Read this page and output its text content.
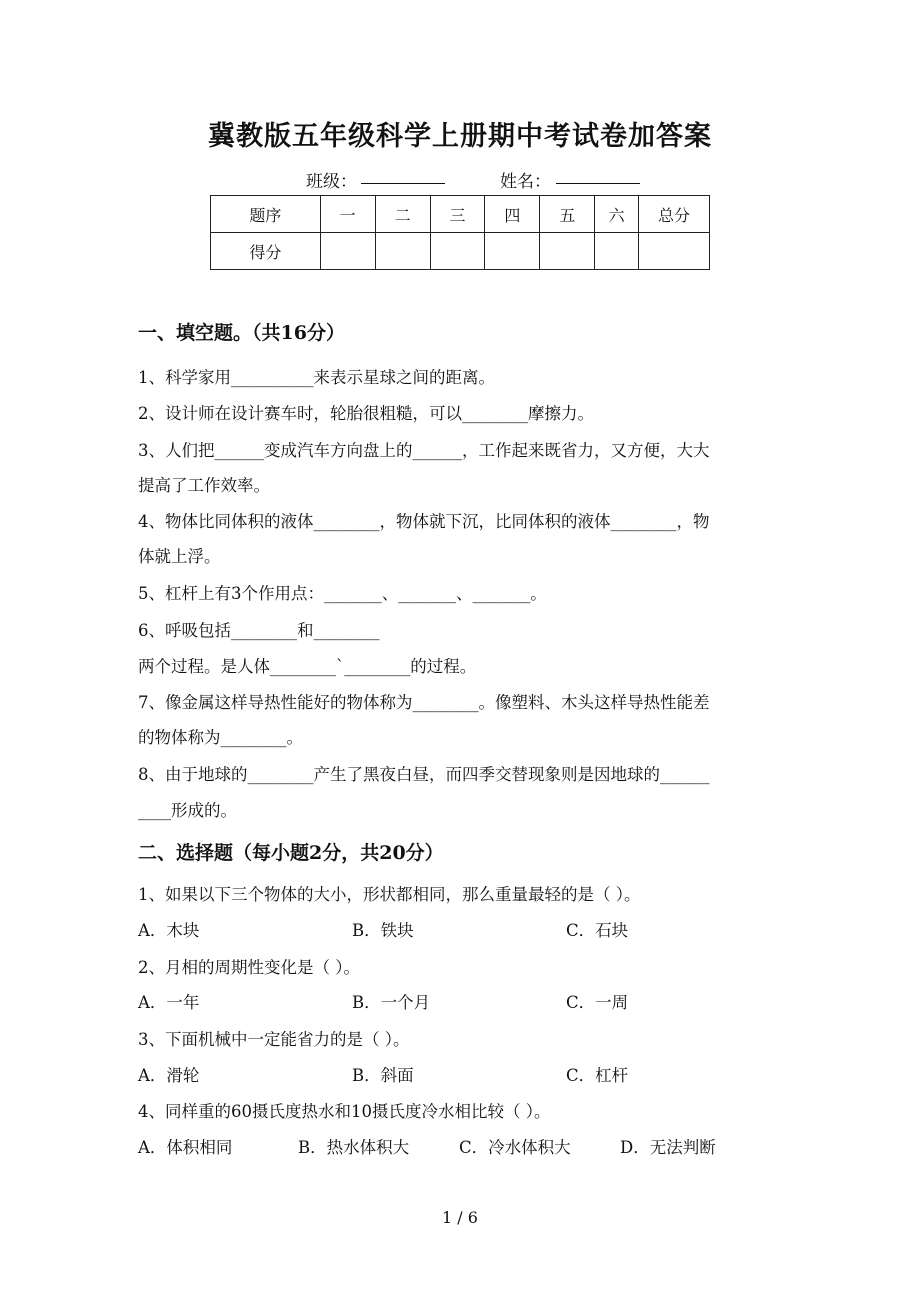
冀教版五年级科学上册期中考试卷加答案
班级：	姓名：
题序	一	二	三	四	五	六	总分
得分							
一、填空题。（共16分）
1、科学家用__________来表示星球之间的距离。
2、设计师在设计赛车时，轮胎很粗糙，可以________摩擦力。
3、人们把______变成汽车方向盘上的______，工作起来既省力，又方便，大大
提高了工作效率。
4、物体比同体积的液体________，物体就下沉，比同体积的液体________，物
体就上浮。
5、杠杆上有3个作用点：_______、_______、_______。
6、呼吸包括________和________
两个过程。是人体________`________的过程。
7、像金属这样导热性能好的物体称为________。像塑料、木头这样导热性能差
的物体称为________。
8、由于地球的________产生了黑夜白昼，而四季交替现象则是因地球的______
____形成的。
二、选择题（每小题2分，共20分）
1、如果以下三个物体的大小，形状都相同，那么重量最轻的是（ ）。
A．木块	B．铁块	C．石块
2、月相的周期性变化是（ ）。
A．一年	B．一个月	C．一周
3、下面机械中一定能省力的是（ ）。
A．滑轮	B．斜面	C．杠杆
4、同样重的60摄氏度热水和10摄氏度冷水相比较（ ）。
A．体积相同	B．热水体积大	C．冷水体积大	D．无法判断
1 / 6
